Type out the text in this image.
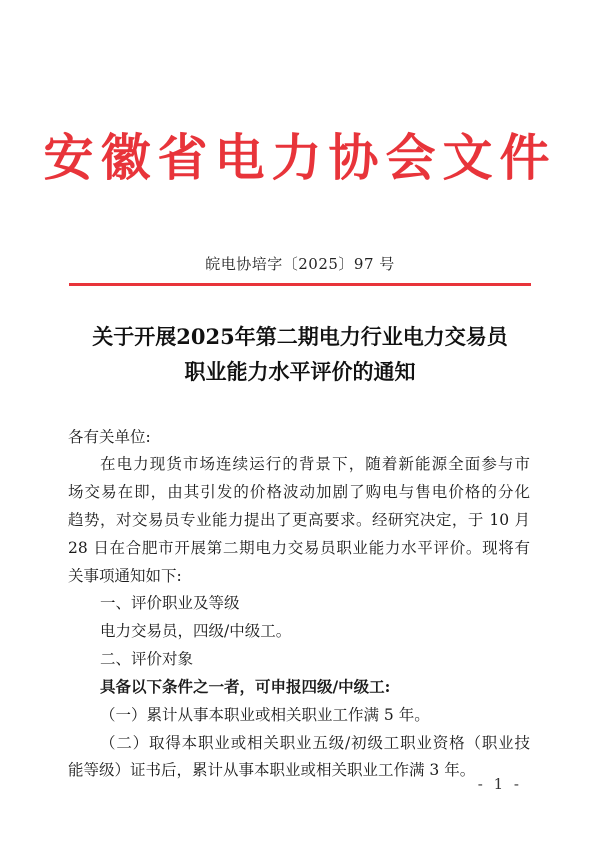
安徽省电力协会文件
皖电协培字〔2025〕97 号
关于开展2025年第二期电力行业电力交易员
职业能力水平评价的通知
各有关单位:
在电力现货市场连续运行的背景下，随着新能源全面参与市
场交易在即，由其引发的价格波动加剧了购电与售电价格的分化
趋势，对交易员专业能力提出了更高要求。经研究决定，于 10 月
28 日在合肥市开展第二期电力交易员职业能力水平评价。现将有
关事项通知如下:
一、评价职业及等级
电力交易员，四级/中级工。
二、评价对象
具备以下条件之一者，可申报四级/中级工:
（一）累计从事本职业或相关职业工作满 5 年。
（二）取得本职业或相关职业五级/初级工职业资格（职业技
能等级）证书后，累计从事本职业或相关职业工作满 3 年。
- 1 -
